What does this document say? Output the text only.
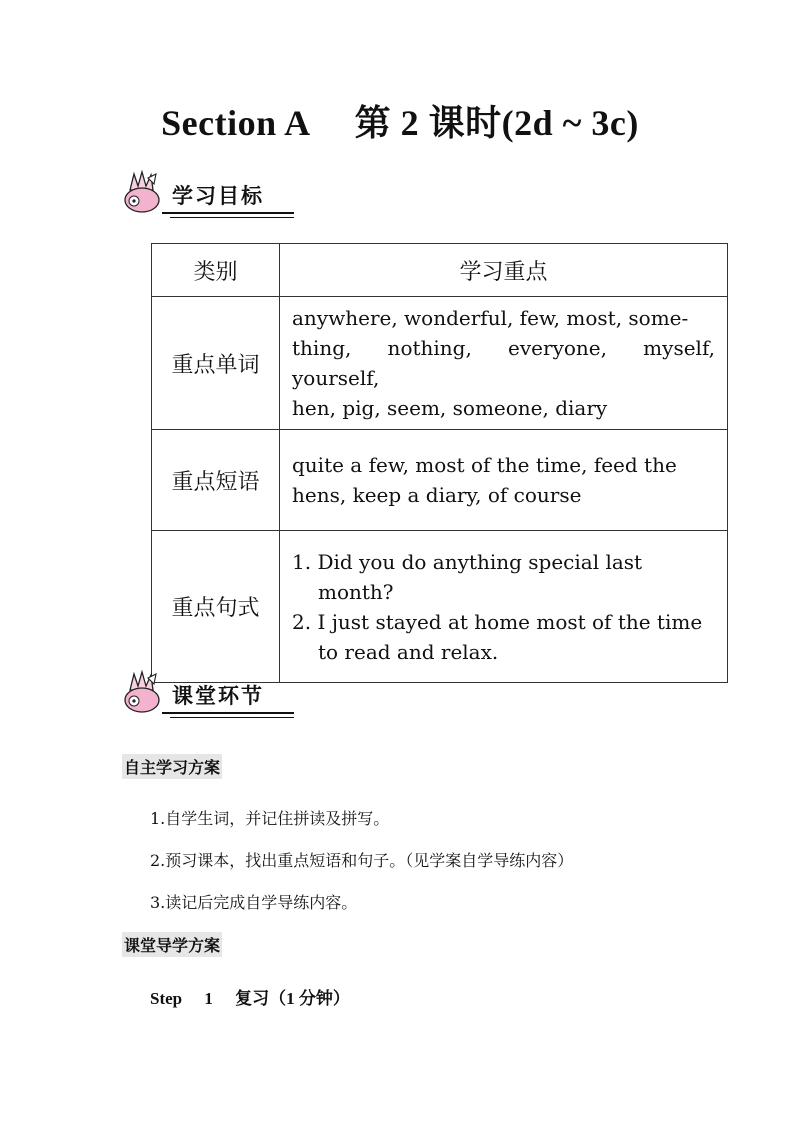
Section A　 第 2 课时(2d ~ 3c)
学习目标
类别	学习重点
重点单词	anywhere, wonderful, few, most, some-
thing, nothing, everyone, myself, yourself,
hen, pig, seem, someone, diary

重点短语	quite a few, most of the time, feed the
hens, keep a diary, of course

重点句式	1. Did you do anything special last
month?
2. I just stayed at home most of the time
to read and relax.
课堂环节
自主学习方案
1.自学生词，并记住拼读及拼写。
2.预习课本，找出重点短语和句子。（见学案自学导练内容）
3.读记后完成自学导练内容。
课堂导学方案
Step 1 复习（1 分钟）
